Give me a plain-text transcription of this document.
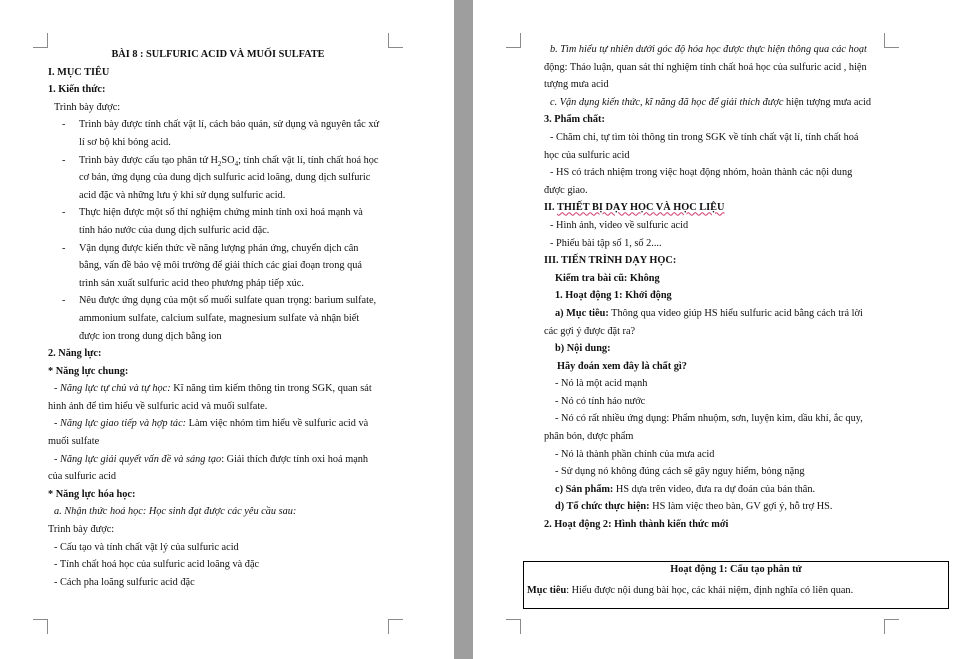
BÀI 8 : SULFURIC ACID VÀ MUỐI SULFATE
I. MỤC TIÊU
1. Kiến thức:
Trình bày được:
- Trình bày được tính chất vật lí, cách bảo quản, sử dụng và nguyên tắc xử
lí sơ bộ khi bỏng acid.
- Trình bày được cấu tạo phân tử $H_2SO_4$; tính chất vật lí, tính chất hoá học
cơ bản, ứng dụng của dung dịch sulfuric acid loãng, dung dịch sulfuric
acid đặc và những lưu ý khi sử dụng sulfuric acid.
- Thực hiện được một số thí nghiệm chứng minh tính oxi hoá mạnh và
tính háo nước của dung dịch sulfuric acid đặc.
- Vận dụng được kiến thức về năng lượng phản ứng, chuyển dịch cân
bằng, vấn đề bảo vệ môi trường để giải thích các giai đoạn trong quá
trình sản xuất sulfuric acid theo phương pháp tiếp xúc.
- Nêu được ứng dụng của một số muối sulfate quan trọng: barium sulfate,
ammonium sulfate, calcium sulfate, magnesium sulfate và nhận biết
được ion trong dung dịch bằng ion
2. Năng lực:
* Năng lực chung:
- Năng lực tự chủ và tự học: Kĩ năng tìm kiếm thông tin trong SGK, quan sát
hình ảnh để tìm hiểu về sulfuric acid và muối sulfate.
- Năng lực giao tiếp và hợp tác: Làm việc nhóm tìm hiểu về sulfuric acid và
muối sulfate
- Năng lực giải quyết vấn đề và sáng tạo: Giải thích được tính oxi hoá mạnh
của sulfuric acid
* Năng lực hóa học:
a. Nhận thức hoá học: Học sinh đạt được các yêu cầu sau:
Trình bày được:
- Cấu tạo và tính chất vật lý của sulfuric acid
- Tính chất hoá học của sulfuric acid loãng và đặc
- Cách pha loãng sulfuric acid đặc
b. Tìm hiểu tự nhiên dưới góc độ hóa học được thực hiện thông qua các hoạt
động: Thảo luận, quan sát thí nghiệm tính chất hoá học của sulfuric acid , hiện
tượng mưa acid
c. Vận dụng kiến thức, kĩ năng đã học để giải thích được hiện tượng mưa acid
3. Phẩm chất:
- Chăm chỉ, tự tìm tòi thông tin trong SGK về tính chất vật lí, tính chất hoá
học của sulfuric acid
- HS có trách nhiệm trong việc hoạt động nhóm, hoàn thành các nội dung
được giao.
II. THIẾT BỊ DẠY HỌC VÀ HỌC LIỆU
- Hình ảnh, video về sulfuric acid
- Phiếu bài tập số 1, số 2....
III. TIẾN TRÌNH DẠY HỌC:
Kiểm tra bài cũ: Không
1. Hoạt động 1: Khởi động
a) Mục tiêu: Thông qua video giúp HS hiểu sulfuric acid bằng cách trả lời
các gợi ý được đặt ra?
b) Nội dung:
Hãy đoán xem đây là chất gì?
- Nó là một acid mạnh
- Nó có tính háo nước
- Nó có rất nhiều ứng dụng: Phẩm nhuộm, sơn, luyện kim, dầu khí, ắc quy,
phân bón, dược phẩm
- Nó là thành phần chính của mưa acid
- Sử dụng nó không đúng cách sẽ gây nguy hiểm, bỏng nặng
c) Sản phẩm: HS dựa trên video, đưa ra dự đoán của bản thân.
d) Tổ chức thực hiện: HS làm việc theo bàn, GV gợi ý, hỗ trợ HS.
2. Hoạt động 2: Hình thành kiến thức mới
Hoạt động 1: Cấu tạo phân tử
Mục tiêu: Hiểu được nội dung bài học, các khái niệm, định nghĩa có liên quan.
